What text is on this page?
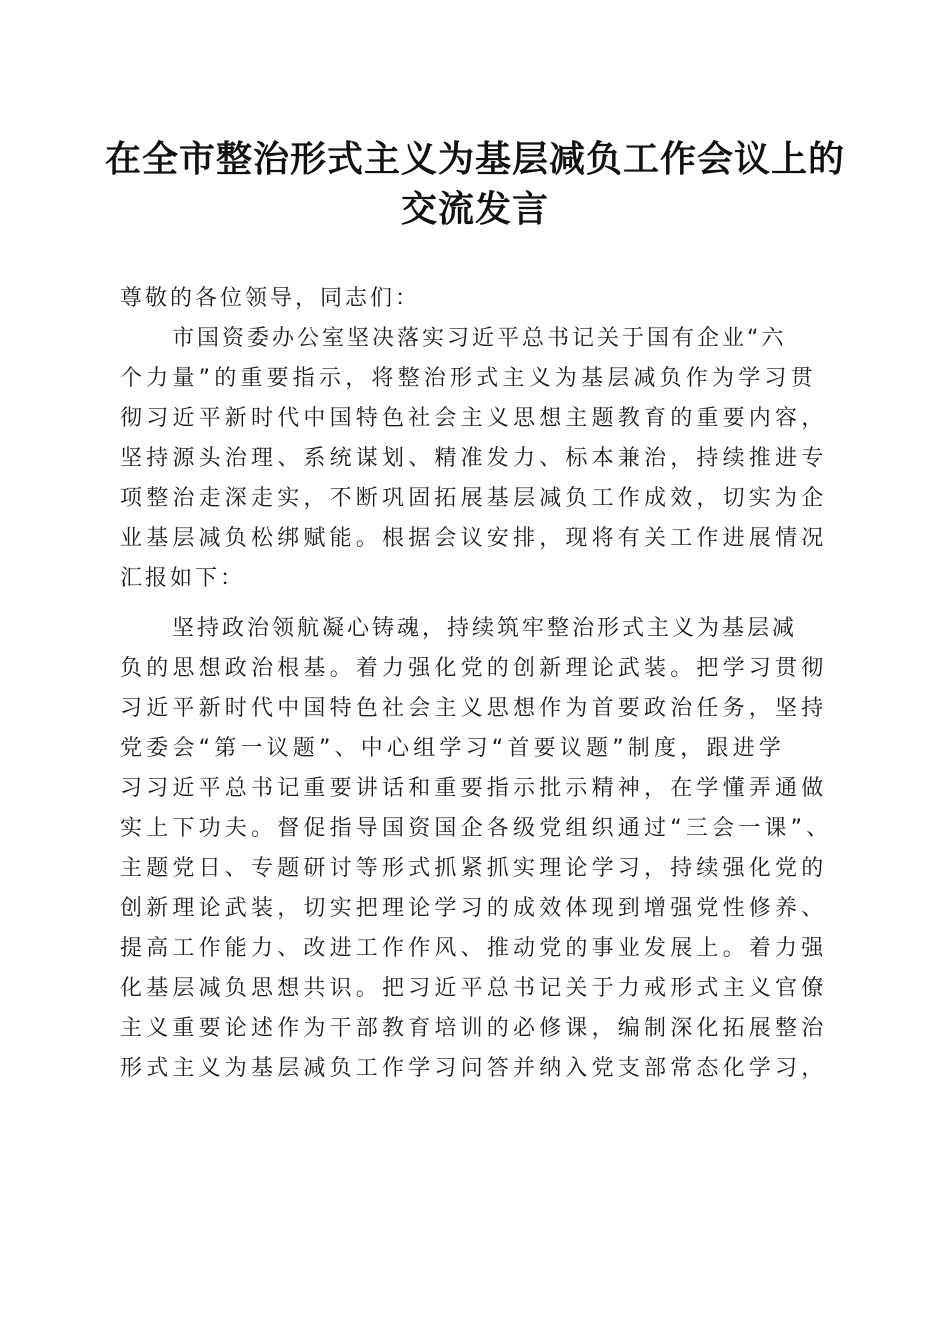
在全市整治形式主义为基层减负工作会议上的
交流发言
尊敬的各位领导，同志们：
市国资委办公室坚决落实习近平总书记关于国有企业“六
个力量”的重要指示，将整治形式主义为基层减负作为学习贯
彻习近平新时代中国特色社会主义思想主题教育的重要内容，
坚持源头治理、系统谋划、精准发力、标本兼治，持续推进专
项整治走深走实，不断巩固拓展基层减负工作成效，切实为企
业基层减负松绑赋能。根据会议安排，现将有关工作进展情况
汇报如下：
坚持政治领航凝心铸魂，持续筑牢整治形式主义为基层减
负的思想政治根基。着力强化党的创新理论武装。把学习贯彻
习近平新时代中国特色社会主义思想作为首要政治任务，坚持
党委会“第一议题”、中心组学习“首要议题”制度，跟进学
习习近平总书记重要讲话和重要指示批示精神，在学懂弄通做
实上下功夫。督促指导国资国企各级党组织通过“三会一课”、
主题党日、专题研讨等形式抓紧抓实理论学习，持续强化党的
创新理论武装，切实把理论学习的成效体现到增强党性修养、
提高工作能力、改进工作作风、推动党的事业发展上。着力强
化基层减负思想共识。把习近平总书记关于力戒形式主义官僚
主义重要论述作为干部教育培训的必修课，编制深化拓展整治
形式主义为基层减负工作学习问答并纳入党支部常态化学习，
